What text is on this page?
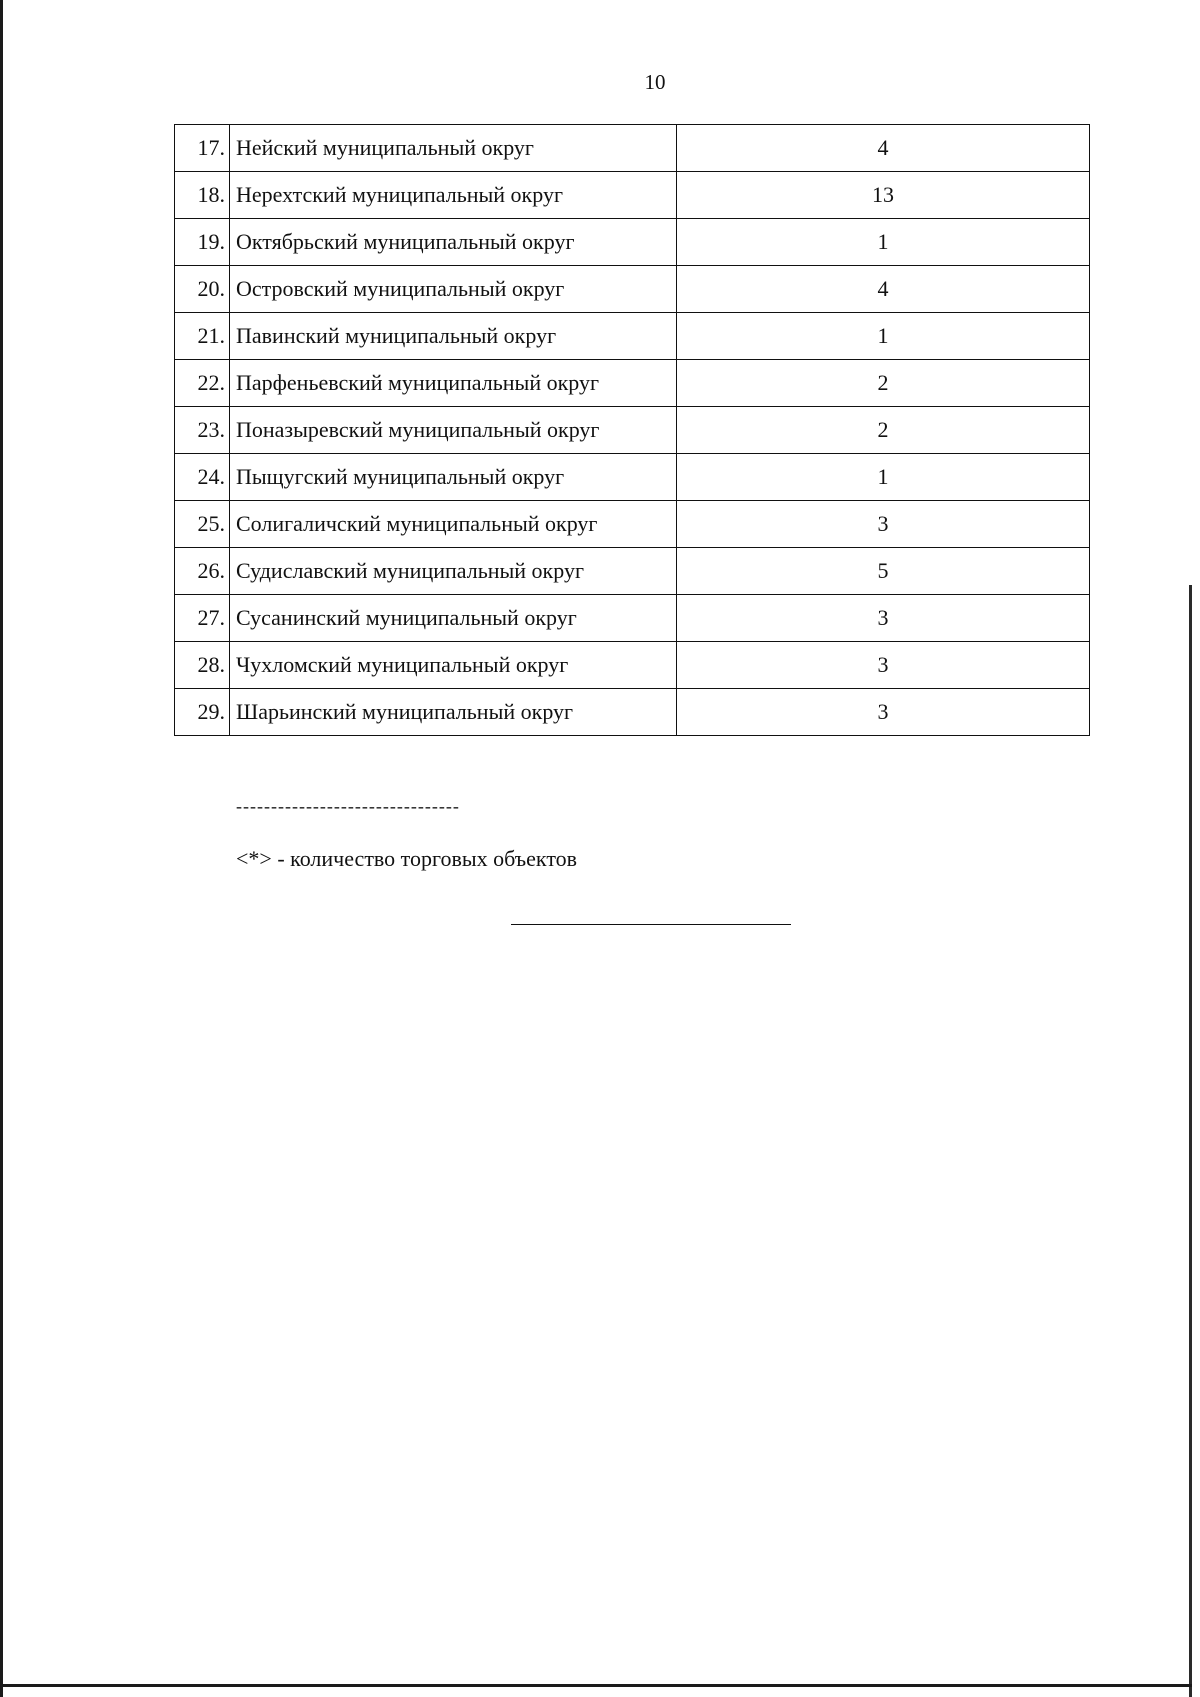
10
17.	Нейский муниципальный округ	4
18.	Нерехтский муниципальный округ	13
19.	Октябрьский муниципальный округ	1
20.	Островский муниципальный округ	4
21.	Павинский муниципальный округ	1
22.	Парфеньевский муниципальный округ	2
23.	Поназыревский муниципальный округ	2
24.	Пыщугский муниципальный округ	1
25.	Солигаличский муниципальный округ	3
26.	Судиславский муниципальный округ	5
27.	Сусанинский муниципальный округ	3
28.	Чухломский муниципальный округ	3
29.	Шарьинский муниципальный округ	3
--------------------------------
<*> - количество торговых объектов
